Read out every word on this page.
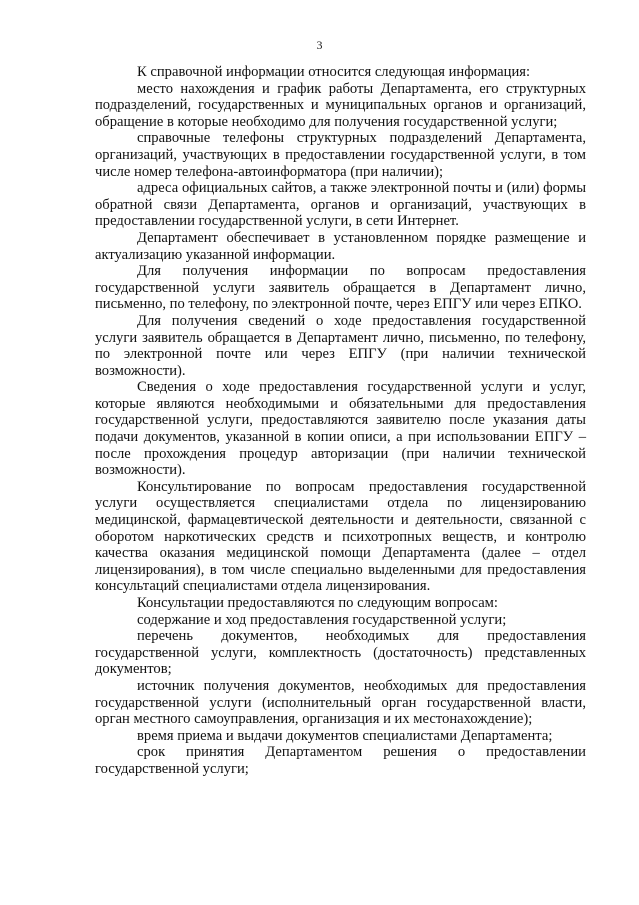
3

К справочной информации относится следующая информация:

место нахождения и график работы Департамента, его структурных подразделений, государственных и муниципальных органов и организаций, обращение в которые необходимо для получения государственной услуги;

справочные телефоны структурных подразделений Департамента, организаций, участвующих в предоставлении государственной услуги, в том числе номер телефона-автоинформатора (при наличии);

адреса официальных сайтов, а также электронной почты и (или) формы обратной связи Департамента, органов и организаций, участвующих в предоставлении государственной услуги, в сети Интернет.

Департамент обеспечивает в установленном порядке размещение и актуализацию указанной информации.

Для получения информации по вопросам предоставления государственной услуги заявитель обращается в Департамент лично, письменно, по телефону, по электронной почте, через ЕПГУ или через ЕПКО.

Для получения сведений о ходе предоставления государственной услуги заявитель обращается в Департамент лично, письменно, по телефону, по электронной почте или через ЕПГУ (при наличии технической возможности).

Сведения о ходе предоставления государственной услуги и услуг, которые являются необходимыми и обязательными для предоставления государственной услуги, предоставляются заявителю после указания даты подачи документов, указанной в копии описи, а при использовании ЕПГУ – после прохождения процедур авторизации (при наличии технической возможности).

Консультирование по вопросам предоставления государственной услуги осуществляется специалистами отдела по лицензированию медицинской, фармацевтической деятельности и деятельности, связанной с оборотом наркотических средств и психотропных веществ, и контролю качества оказания медицинской помощи Департамента (далее – отдел лицензирования), в том числе специально выделенными для предоставления консультаций специалистами отдела лицензирования.

Консультации предоставляются по следующим вопросам:

содержание и ход предоставления государственной услуги;

перечень документов, необходимых для предоставления государственной услуги, комплектность (достаточность) представленных документов;

источник получения документов, необходимых для предоставления государственной услуги (исполнительный орган государственной власти, орган местного самоуправления, организация и их местонахождение);

время приема и выдачи документов специалистами Департамента;

срок принятия Департаментом решения о предоставлении государственной услуги;
